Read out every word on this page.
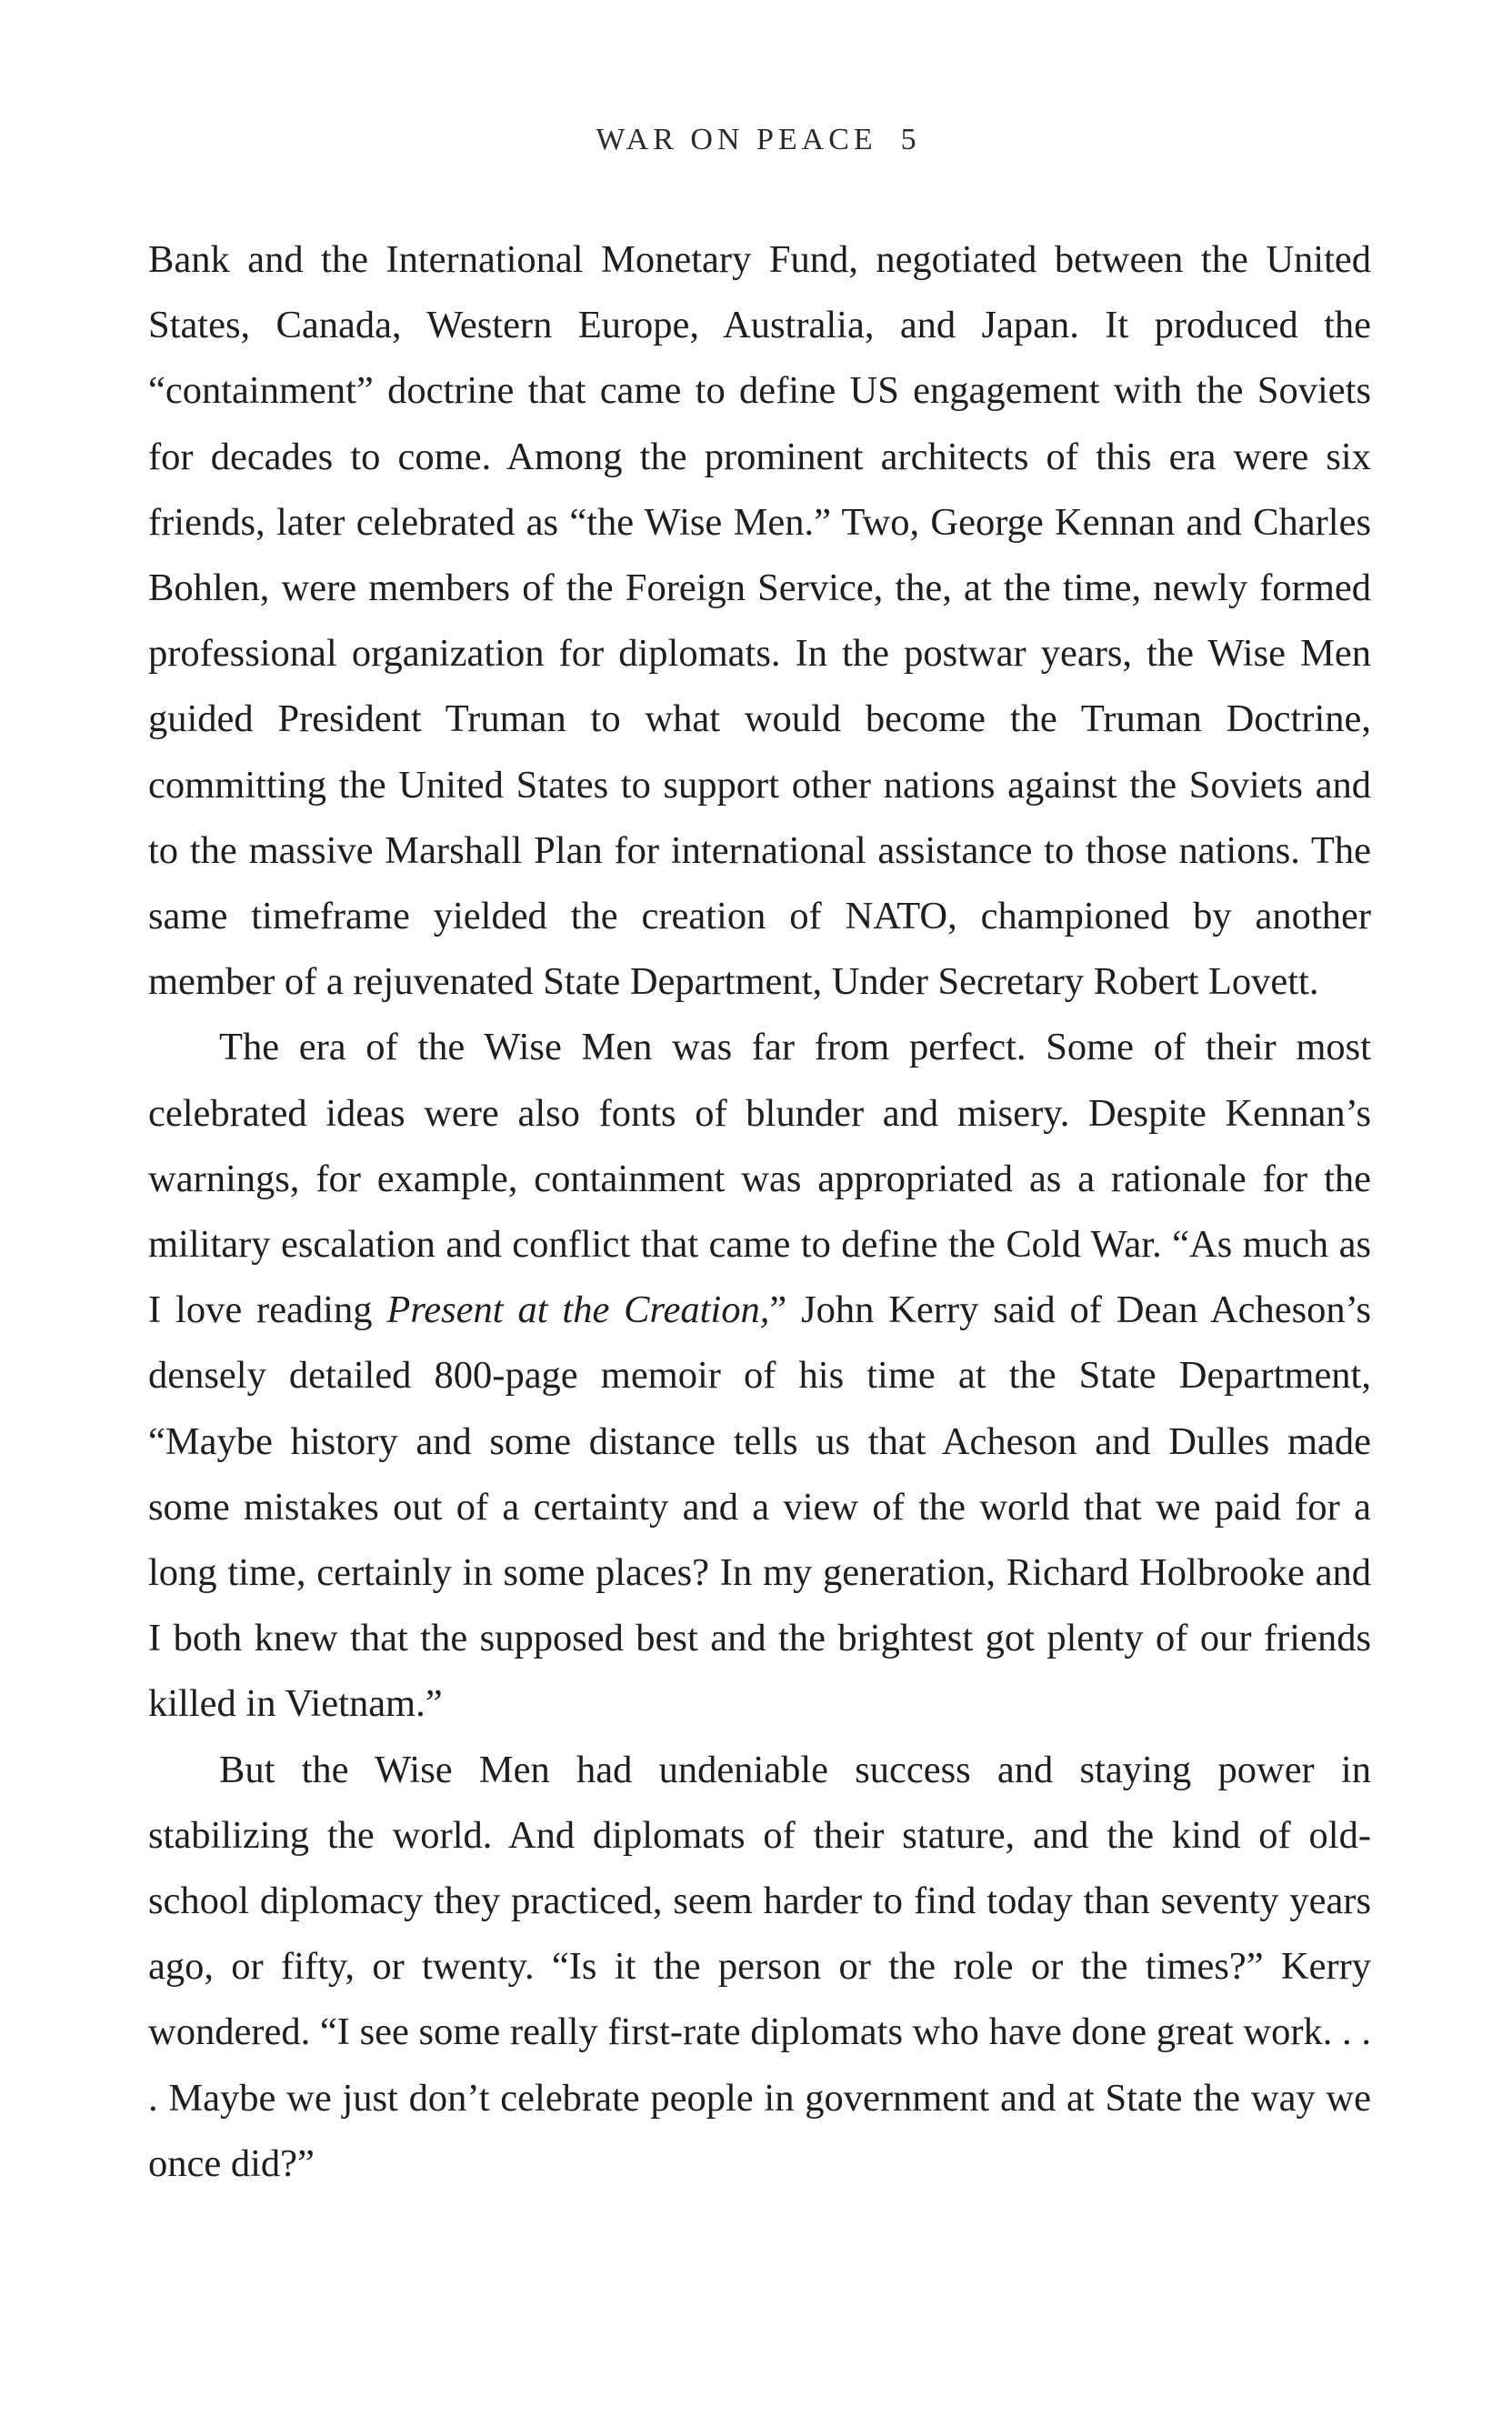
WAR ON PEACE 5

Bank and the International Monetary Fund, negotiated between the United States, Canada, Western Europe, Australia, and Japan. It produced the “containment” doctrine that came to define US engagement with the Soviets for decades to come. Among the prominent architects of this era were six friends, later celebrated as “the Wise Men.” Two, George Kennan and Charles Bohlen, were members of the Foreign Service, the, at the time, newly formed professional organization for diplomats. In the postwar years, the Wise Men guided President Truman to what would become the Truman Doctrine, committing the United States to support other nations against the Soviets and to the massive Marshall Plan for international assistance to those nations. The same timeframe yielded the creation of NATO, championed by another member of a rejuvenated State Department, Under Secretary Robert Lovett.

The era of the Wise Men was far from perfect. Some of their most celebrated ideas were also fonts of blunder and misery. Despite Kennan’s warnings, for example, containment was appropriated as a rationale for the military escalation and conflict that came to define the Cold War. “As much as I love reading Present at the Creation,” John Kerry said of Dean Acheson’s densely detailed 800-page memoir of his time at the State Department, “Maybe history and some distance tells us that Acheson and Dulles made some mistakes out of a certainty and a view of the world that we paid for a long time, certainly in some places? In my generation, Richard Holbrooke and I both knew that the supposed best and the brightest got plenty of our friends killed in Vietnam.”

But the Wise Men had undeniable success and staying power in stabilizing the world. And diplomats of their stature, and the kind of old-school diplomacy they practiced, seem harder to find today than seventy years ago, or fifty, or twenty. “Is it the person or the role or the times?” Kerry wondered. “I see some really first-rate diplomats who have done great work. . . . Maybe we just don’t celebrate people in government and at State the way we once did?”
